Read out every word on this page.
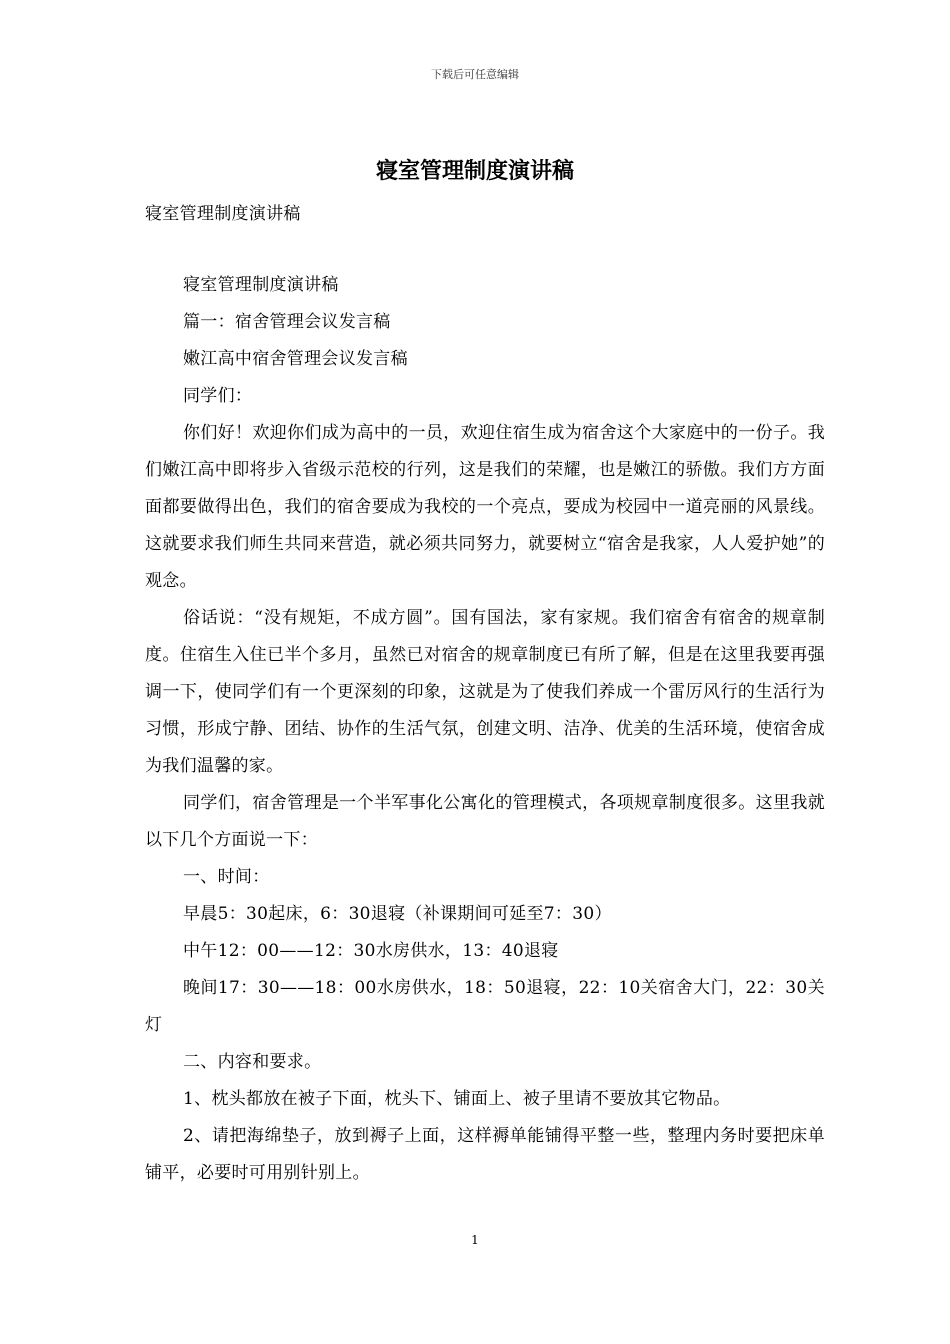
下载后可任意编辑
寝室管理制度演讲稿
寝室管理制度演讲稿

寝室管理制度演讲稿

篇一：宿舍管理会议发言稿

嫩江高中宿舍管理会议发言稿

同学们：

你们好！欢迎你们成为高中的一员，欢迎住宿生成为宿舍这个大家庭中的一份子。我们嫩江高中即将步入省级示范校的行列，这是我们的荣耀，也是嫩江的骄傲。我们方方面面都要做得出色，我们的宿舍要成为我校的一个亮点，要成为校园中一道亮丽的风景线。这就要求我们师生共同来营造，就必须共同努力，就要树立“宿舍是我家，人人爱护她”的观念。

俗话说：“没有规矩，不成方圆”。国有国法，家有家规。我们宿舍有宿舍的规章制度。住宿生入住已半个多月，虽然已对宿舍的规章制度已有所了解，但是在这里我要再强调一下，使同学们有一个更深刻的印象，这就是为了使我们养成一个雷厉风行的生活行为习惯，形成宁静、团结、协作的生活气氛，创建文明、洁净、优美的生活环境，使宿舍成为我们温馨的家。

同学们，宿舍管理是一个半军事化公寓化的管理模式，各项规章制度很多。这里我就以下几个方面说一下：

一、时间：

早晨5：30起床，6：30退寝（补课期间可延至7：30）

中午12：00——12：30水房供水，13：40退寝

晚间17：30——18：00水房供水，18：50退寝，22：10关宿舍大门，22：30关灯

二、内容和要求。

1、枕头都放在被子下面，枕头下、铺面上、被子里请不要放其它物品。

2、请把海绵垫子，放到褥子上面，这样褥单能铺得平整一些，整理内务时要把床单铺平，必要时可用别针别上。

1
